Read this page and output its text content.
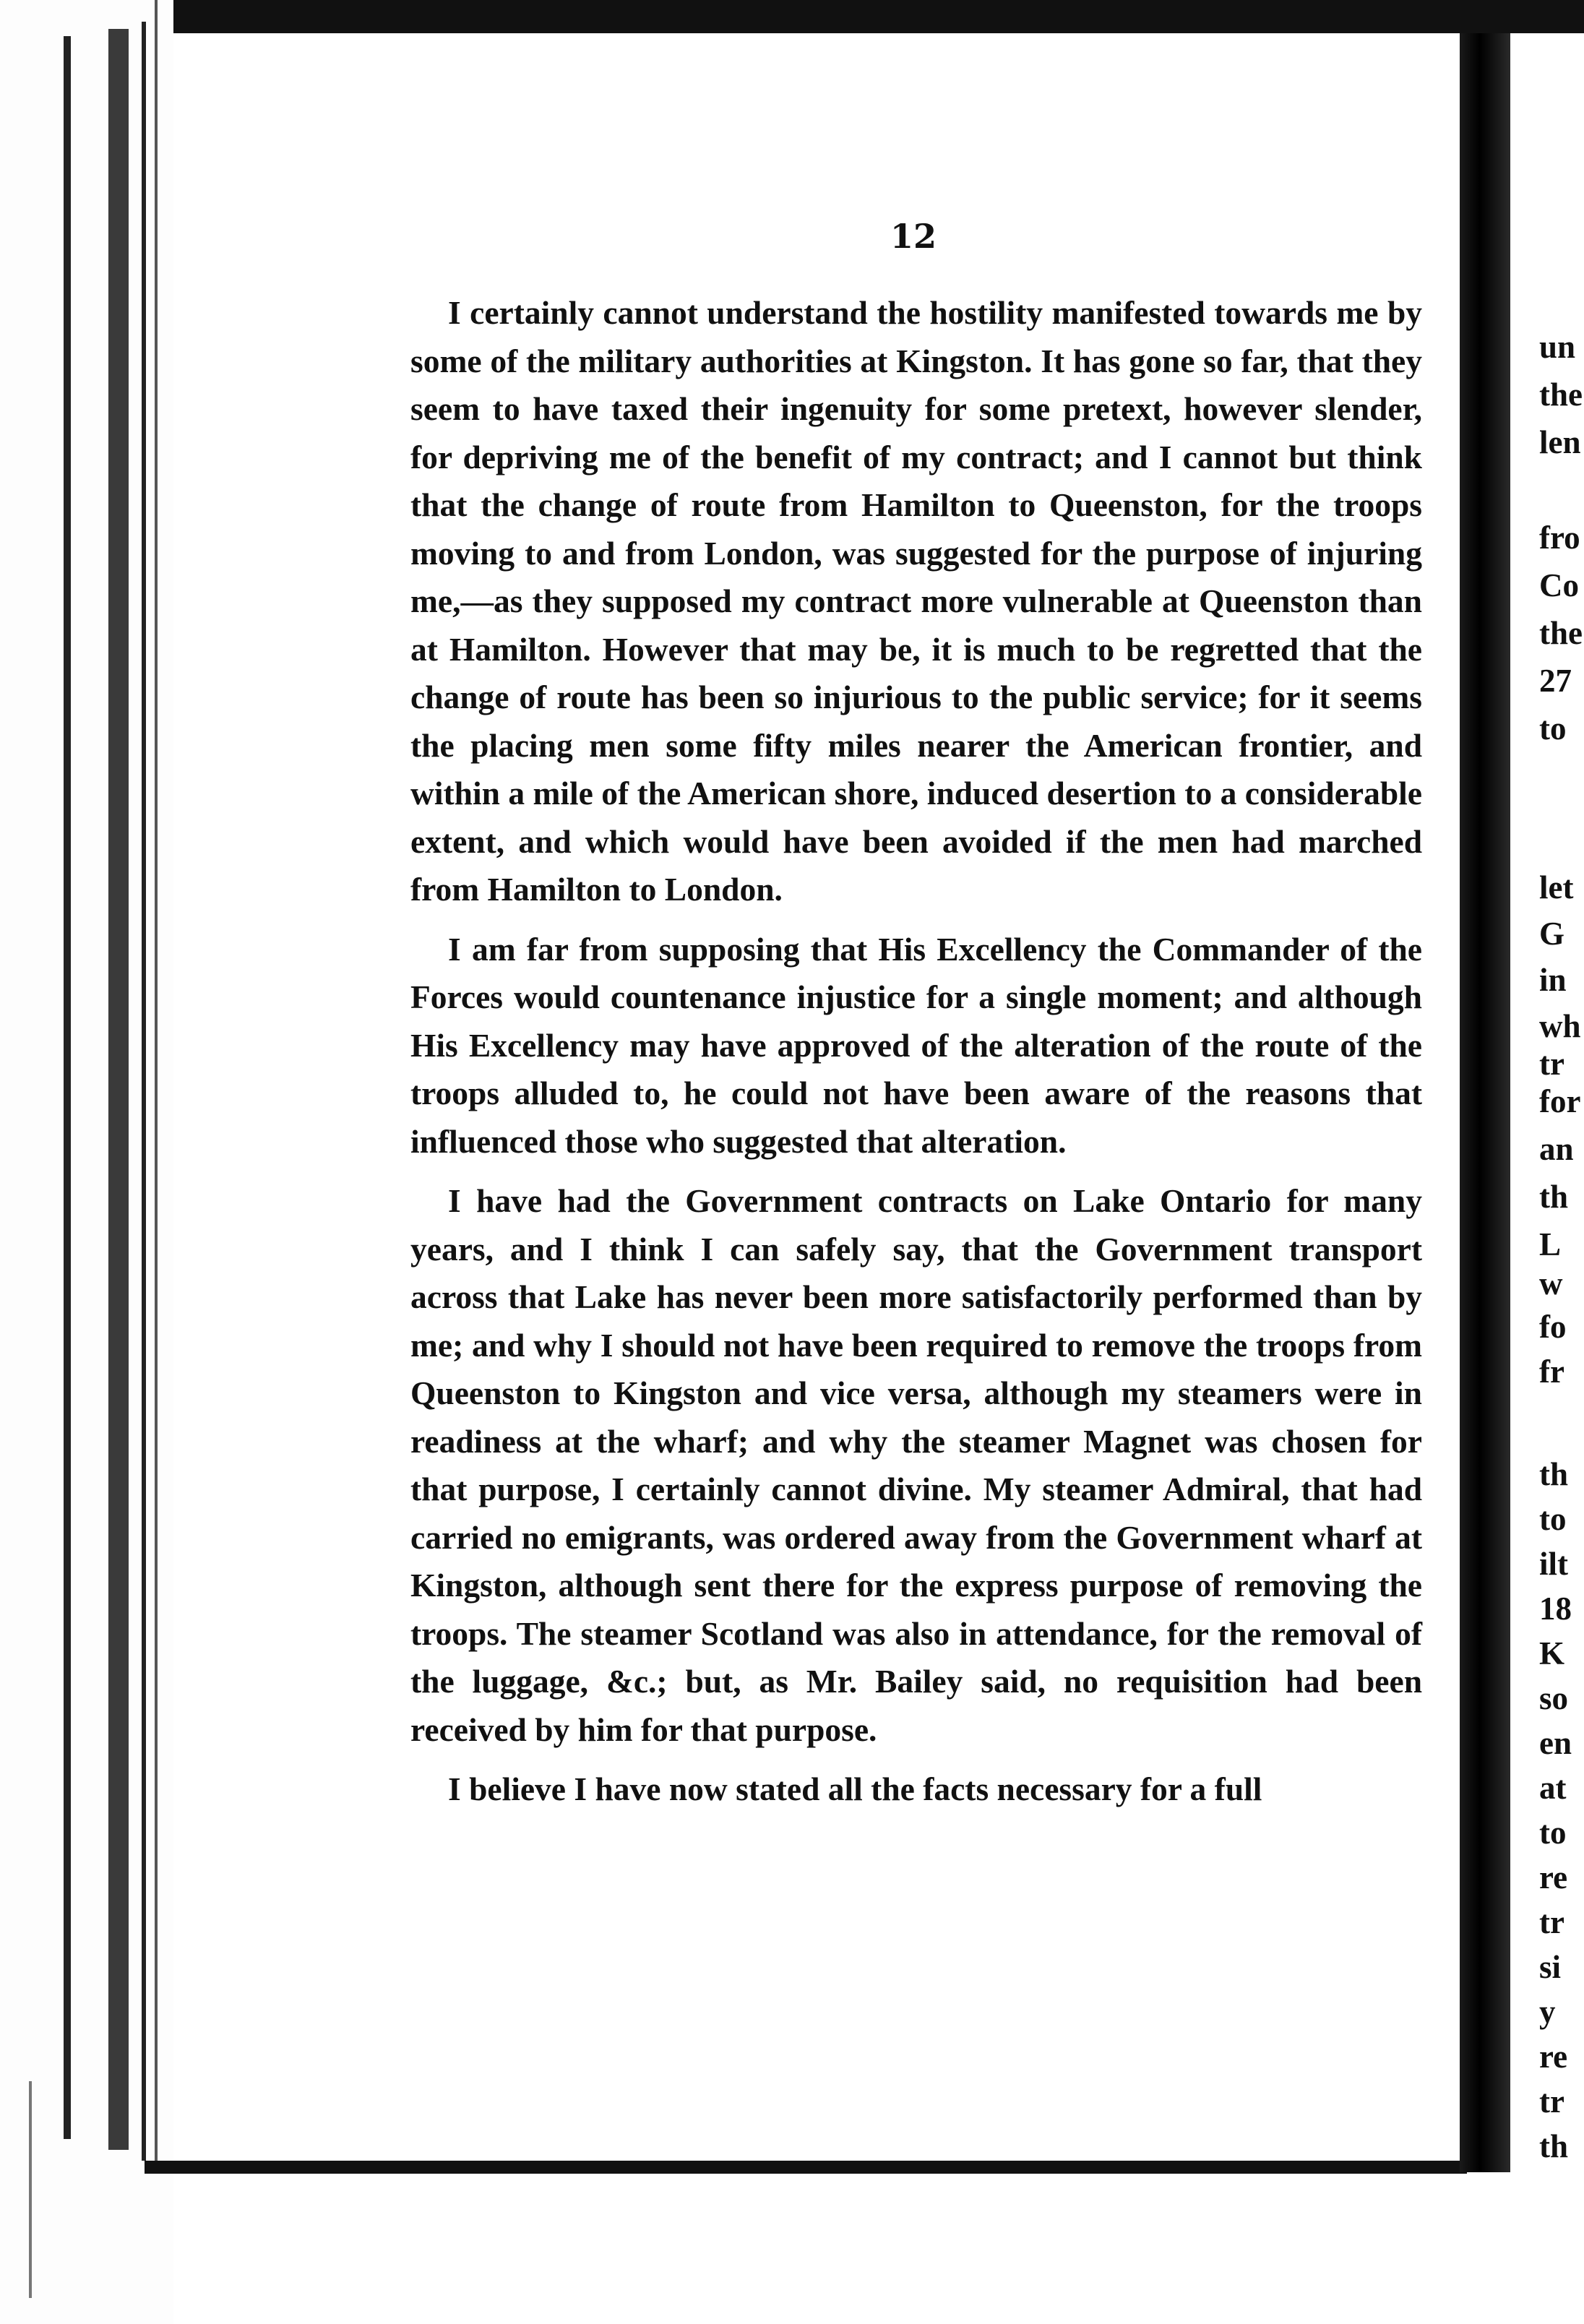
12

I certainly cannot understand the hostility manifested towards me by some of the military authorities at Kingston. It has gone so far, that they seem to have taxed their ingenuity for some pretext, however slender, for depriving me of the benefit of my contract; and I cannot but think that the change of route from Hamilton to Queenston, for the troops moving to and from London, was suggested for the purpose of injuring me,—as they supposed my contract more vulnerable at Queenston than at Hamilton. However that may be, it is much to be regretted that the change of route has been so injurious to the public service; for it seems the placing men some fifty miles nearer the American frontier, and within a mile of the American shore, induced desertion to a considerable extent, and which would have been avoided if the men had marched from Hamilton to London.

I am far from supposing that His Excellency the Commander of the Forces would countenance injustice for a single moment; and although His Excellency may have approved of the alteration of the route of the troops alluded to, he could not have been aware of the reasons that influenced those who suggested that alteration.

I have had the Government contracts on Lake Ontario for many years, and I think I can safely say, that the Government transport across that Lake has never been more satisfactorily performed than by me; and why I should not have been required to remove the troops from Queenston to Kingston and vice versa, although my steamers were in readiness at the wharf; and why the steamer Magnet was chosen for that purpose, I certainly cannot divine. My steamer Admiral, that had carried no emigrants, was ordered away from the Government wharf at Kingston, although sent there for the express purpose of removing the troops. The steamer Scotland was also in attendance, for the removal of the luggage, &c.; but, as Mr. Bailey said, no requisition had been received by him for that purpose.

I believe I have now stated all the facts necessary for a full

un
the
len
fro
Co
the
27
to
let
G
in
wh
tr
for
an
th
L
w
fo
fr
th
to
ilt
18
K
so
en
at
to
re
tr
si
y
re
tr
th
